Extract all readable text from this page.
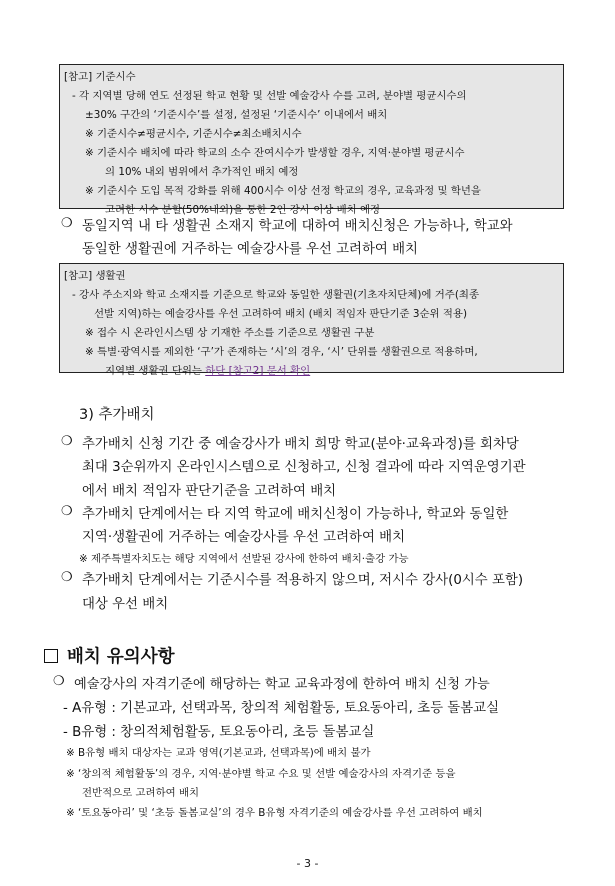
[참고] 기준시수
- 각 지역별 당해 연도 선정된 학교 현황 및 선발 예술강사 수를 고려, 분야별 평균시수의
±30% 구간의 ‘기준시수’를 설정, 설정된 ‘기준시수’ 이내에서 배치
※ 기준시수≠평균시수, 기준시수≠최소배치시수
※ 기준시수 배치에 따라 학교의 소수 잔여시수가 발생할 경우, 지역·분야별 평균시수
의 10% 내외 범위에서 추가적인 배치 예정
※ 기준시수 도입 목적 강화를 위해 400시수 이상 선정 학교의 경우, 교육과정 및 학년을
고려한 시수 분할(50%내외)을 통한 2인 강사 이상 배치 예정
❍ 동일지역 내 타 생활권 소재지 학교에 대하여 배치신청은 가능하나, 학교와
동일한 생활권에 거주하는 예술강사를 우선 고려하여 배치
[참고] 생활권
- 강사 주소지와 학교 소재지를 기준으로 학교와 동일한 생활권(기초자치단체)에 거주(최종
선발 지역)하는 예술강사를 우선 고려하여 배치 (배치 적임자 판단기준 3순위 적용)
※ 접수 시 온라인시스템 상 기재한 주소를 기준으로 생활권 구분
※ 특별·광역시를 제외한 ‘구’가 존재하는 ‘시’의 경우, ‘시’ 단위를 생활권으로 적용하며,
지역별 생활권 단위는 하단 [참고2] 문서 확인
3) 추가배치
❍ 추가배치 신청 기간 중 예술강사가 배치 희망 학교(분야·교육과정)를 회차당
최대 3순위까지 온라인시스템으로 신청하고, 신청 결과에 따라 지역운영기관
에서 배치 적임자 판단기준을 고려하여 배치
❍ 추가배치 단계에서는 타 지역 학교에 배치신청이 가능하나, 학교와 동일한
지역·생활권에 거주하는 예술강사를 우선 고려하여 배치
※ 제주특별자치도는 해당 지역에서 선발된 강사에 한하여 배치·출강 가능
❍ 추가배치 단계에서는 기준시수를 적용하지 않으며, 저시수 강사(0시수 포함)
대상 우선 배치
배치 유의사항
❍ 예술강사의 자격기준에 해당하는 학교 교육과정에 한하여 배치 신청 가능
- A유형 : 기본교과, 선택과목, 창의적 체험활동, 토요동아리, 초등 돌봄교실
- B유형 : 창의적체험활동, 토요동아리, 초등 돌봄교실
※ B유형 배치 대상자는 교과 영역(기본교과, 선택과목)에 배치 불가
※ ‘창의적 체험활동’의 경우, 지역·분야별 학교 수요 및 선발 예술강사의 자격기준 등을
전반적으로 고려하여 배치
※ ‘토요동아리’ 및 ‘초등 돌봄교실’의 경우 B유형 자격기준의 예술강사를 우선 고려하여 배치
- 3 -
